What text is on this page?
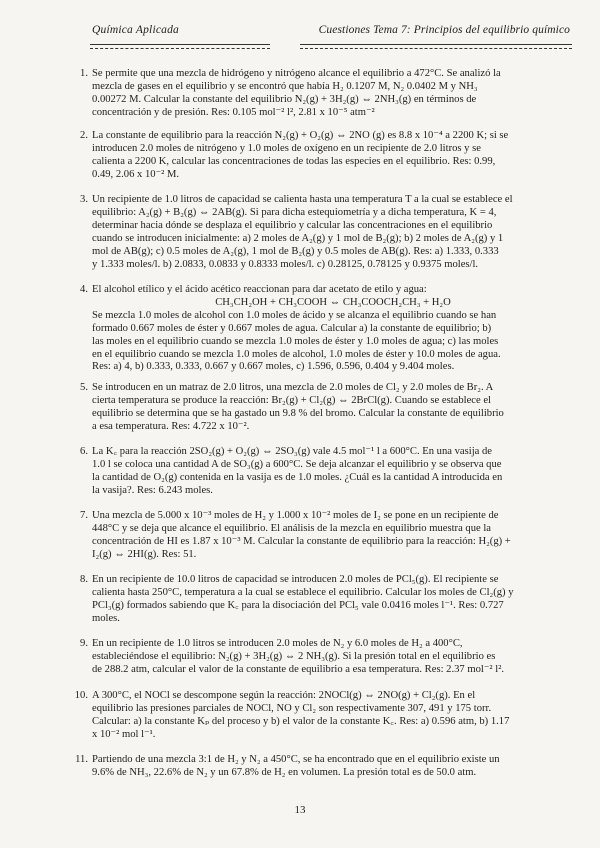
Química Aplicada	Cuestiones Tema 7: Principios del equilibrio químico
1. Se permite que una mezcla de hidrógeno y nitrógeno alcance el equilibrio a 472°C. Se analizó la
mezcla de gases en el equilibrio y se encontró que había H₂ 0.1207 M, N₂ 0.0402 M y NH₃
0.00272 M. Calcular la constante del equilibrio N₂(g) + 3H₂(g) ⇔ 2NH₃(g) en términos de
concentración y de presión. Res: 0.105 mol⁻² l², 2.81 x 10⁻⁵ atm⁻²
2. La constante de equilibrio para la reacción N₂(g) + O₂(g) ⇔ 2NO (g) es 8.8 x 10⁻⁴ a 2200 K; si se
introducen 2.0 moles de nitrógeno y 1.0 moles de oxígeno en un recipiente de 2.0 litros y se
calienta a 2200 K, calcular las concentraciones de todas las especies en el equilibrio. Res: 0.99,
0.49, 2.06 x 10⁻² M.
3. Un recipiente de 1.0 litros de capacidad se calienta hasta una temperatura T a la cual se establece el
equilibrio: A₂(g) + B₂(g) ⇔ 2AB(g). Si para dicha estequiometría y a dicha temperatura, K = 4,
determinar hacia dónde se desplaza el equilibrio y calcular las concentraciones en el equilibrio
cuando se introducen inicialmente: a) 2 moles de A₂(g) y 1 mol de B₂(g); b) 2 moles de A₂(g) y 1
mol de AB(g); c) 0.5 moles de A₂(g), 1 mol de B₂(g) y 0.5 moles de AB(g). Res: a) 1.333, 0.333
y 1.333 moles/l. b) 2.0833, 0.0833 y 0.8333 moles/l. c) 0.28125, 0.78125 y 0.9375 moles/l.
4. El alcohol etílico y el ácido acético reaccionan para dar acetato de etilo y agua:
CH₃CH₂OH + CH₃COOH ⇔ CH₃COOCH₂CH₃ + H₂O
Se mezcla 1.0 moles de alcohol con 1.0 moles de ácido y se alcanza el equilibrio cuando se han
formado 0.667 moles de éster y 0.667 moles de agua. Calcular a) la constante de equilibrio; b)
las moles en el equilibrio cuando se mezcla 1.0 moles de éster y 1.0 moles de agua; c) las moles
en el equilibrio cuando se mezcla 1.0 moles de alcohol, 1.0 moles de éster y 10.0 moles de agua.
Res: a) 4, b) 0.333, 0.333, 0.667 y 0.667 moles, c) 1.596, 0.596, 0.404 y 9.404 moles.
5. Se introducen en un matraz de 2.0 litros, una mezcla de 2.0 moles de Cl₂ y 2.0 moles de Br₂. A
cierta temperatura se produce la reacción: Br₂(g) + Cl₂(g) ⇔ 2BrCl(g). Cuando se establece el
equilibrio se determina que se ha gastado un 9.8 % del bromo. Calcular la constante de equilibrio
a esa temperatura. Res: 4.722 x 10⁻².
6. La K꜀ para la reacción 2SO₂(g) + O₂(g) ⇔ 2SO₃(g) vale 4.5 mol⁻¹ l a 600°C. En una vasija de
1.0 l se coloca una cantidad A de SO₃(g) a 600°C. Se deja alcanzar el equilibrio y se observa que
la cantidad de O₂(g) contenida en la vasija es de 1.0 moles. ¿Cuál es la cantidad A introducida en
la vasija?. Res: 6.243 moles.
7. Una mezcla de 5.000 x 10⁻³ moles de H₂ y 1.000 x 10⁻² moles de I₂ se pone en un recipiente de
448°C y se deja que alcance el equilibrio. El análisis de la mezcla en equilibrio muestra que la
concentración de HI es 1.87 x 10⁻³ M. Calcular la constante de equilibrio para la reacción: H₂(g) +
I₂(g) ⇔ 2HI(g). Res: 51.
8. En un recipiente de 10.0 litros de capacidad se introducen 2.0 moles de PCl₅(g). El recipiente se
calienta hasta 250°C, temperatura a la cual se establece el equilibrio. Calcular los moles de Cl₂(g) y
PCl₃(g) formados sabiendo que K꜀ para la disociación del PCl₅ vale 0.0416 moles l⁻¹. Res: 0.727
moles.
9. En un recipiente de 1.0 litros se introducen 2.0 moles de N₂ y 6.0 moles de H₂ a 400°C,
estableciéndose el equilibrio: N₂(g) + 3H₂(g) ⇔ 2 NH₃(g). Si la presión total en el equilibrio es
de 288.2 atm, calcular el valor de la constante de equilibrio a esa temperatura. Res: 2.37 mol⁻² l².
10. A 300°C, el NOCl se descompone según la reacción: 2NOCl(g) ⇔ 2NO(g) + Cl₂(g). En el
equilibrio las presiones parciales de NOCl, NO y Cl₂ son respectivamente 307, 491 y 175 torr.
Calcular: a) la constante Kₚ del proceso y b) el valor de la constante K꜀. Res: a) 0.596 atm, b) 1.17
x 10⁻² mol l⁻¹.
11. Partiendo de una mezcla 3:1 de H₂ y N₂ a 450°C, se ha encontrado que en el equilibrio existe un
9.6% de NH₃, 22.6% de N₂ y un 67.8% de H₂ en volumen. La presión total es de 50.0 atm.
13
